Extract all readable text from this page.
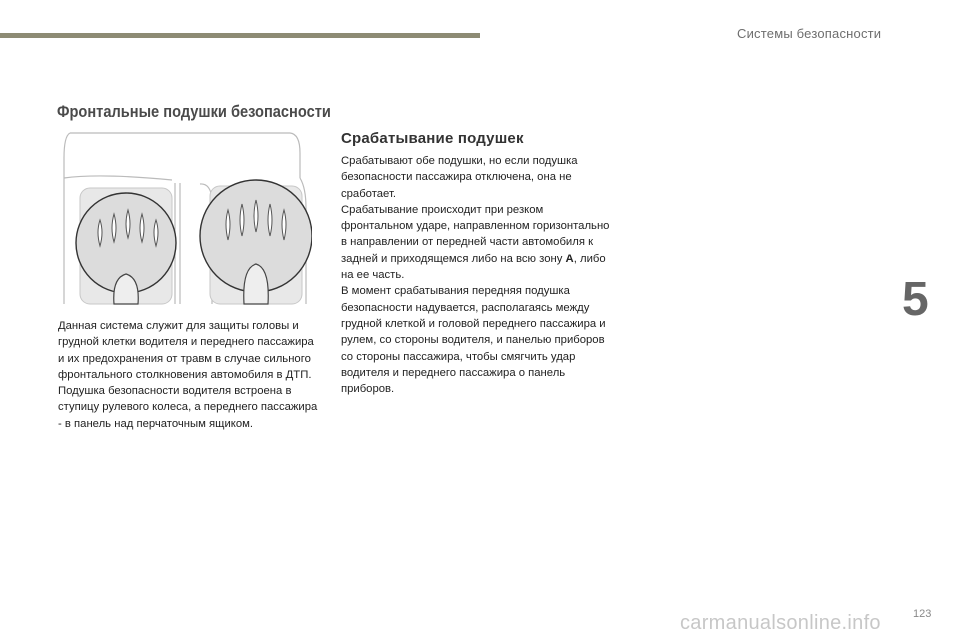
Системы безопасности
Фронтальные подушки безопасности

Данная система служит для защиты головы и грудной клетки водителя и переднего пассажира и их предохранения от травм в случае сильного фронтального столкновения автомобиля в ДТП.

Подушка безопасности водителя встроена в ступицу рулевого колеса, а переднего пассажира - в панель над перчаточным ящиком.

Срабатывание подушек

Срабатывают обе подушки, но если подушка безопасности пассажира отключена, она не сработает.

Срабатывание происходит при резком фронтальном ударе, направленном горизонтально в направлении от передней части автомобиля к задней и приходящемся либо на всю зону A, либо на ее часть.

В момент срабатывания передняя подушка безопасности надувается, располагаясь между грудной клеткой и головой переднего пассажира и рулем, со стороны водителя, и панелью приборов со стороны пассажира, чтобы смягчить удар водителя и переднего пассажира о панель приборов.

5
carmanualsonline.info	123
